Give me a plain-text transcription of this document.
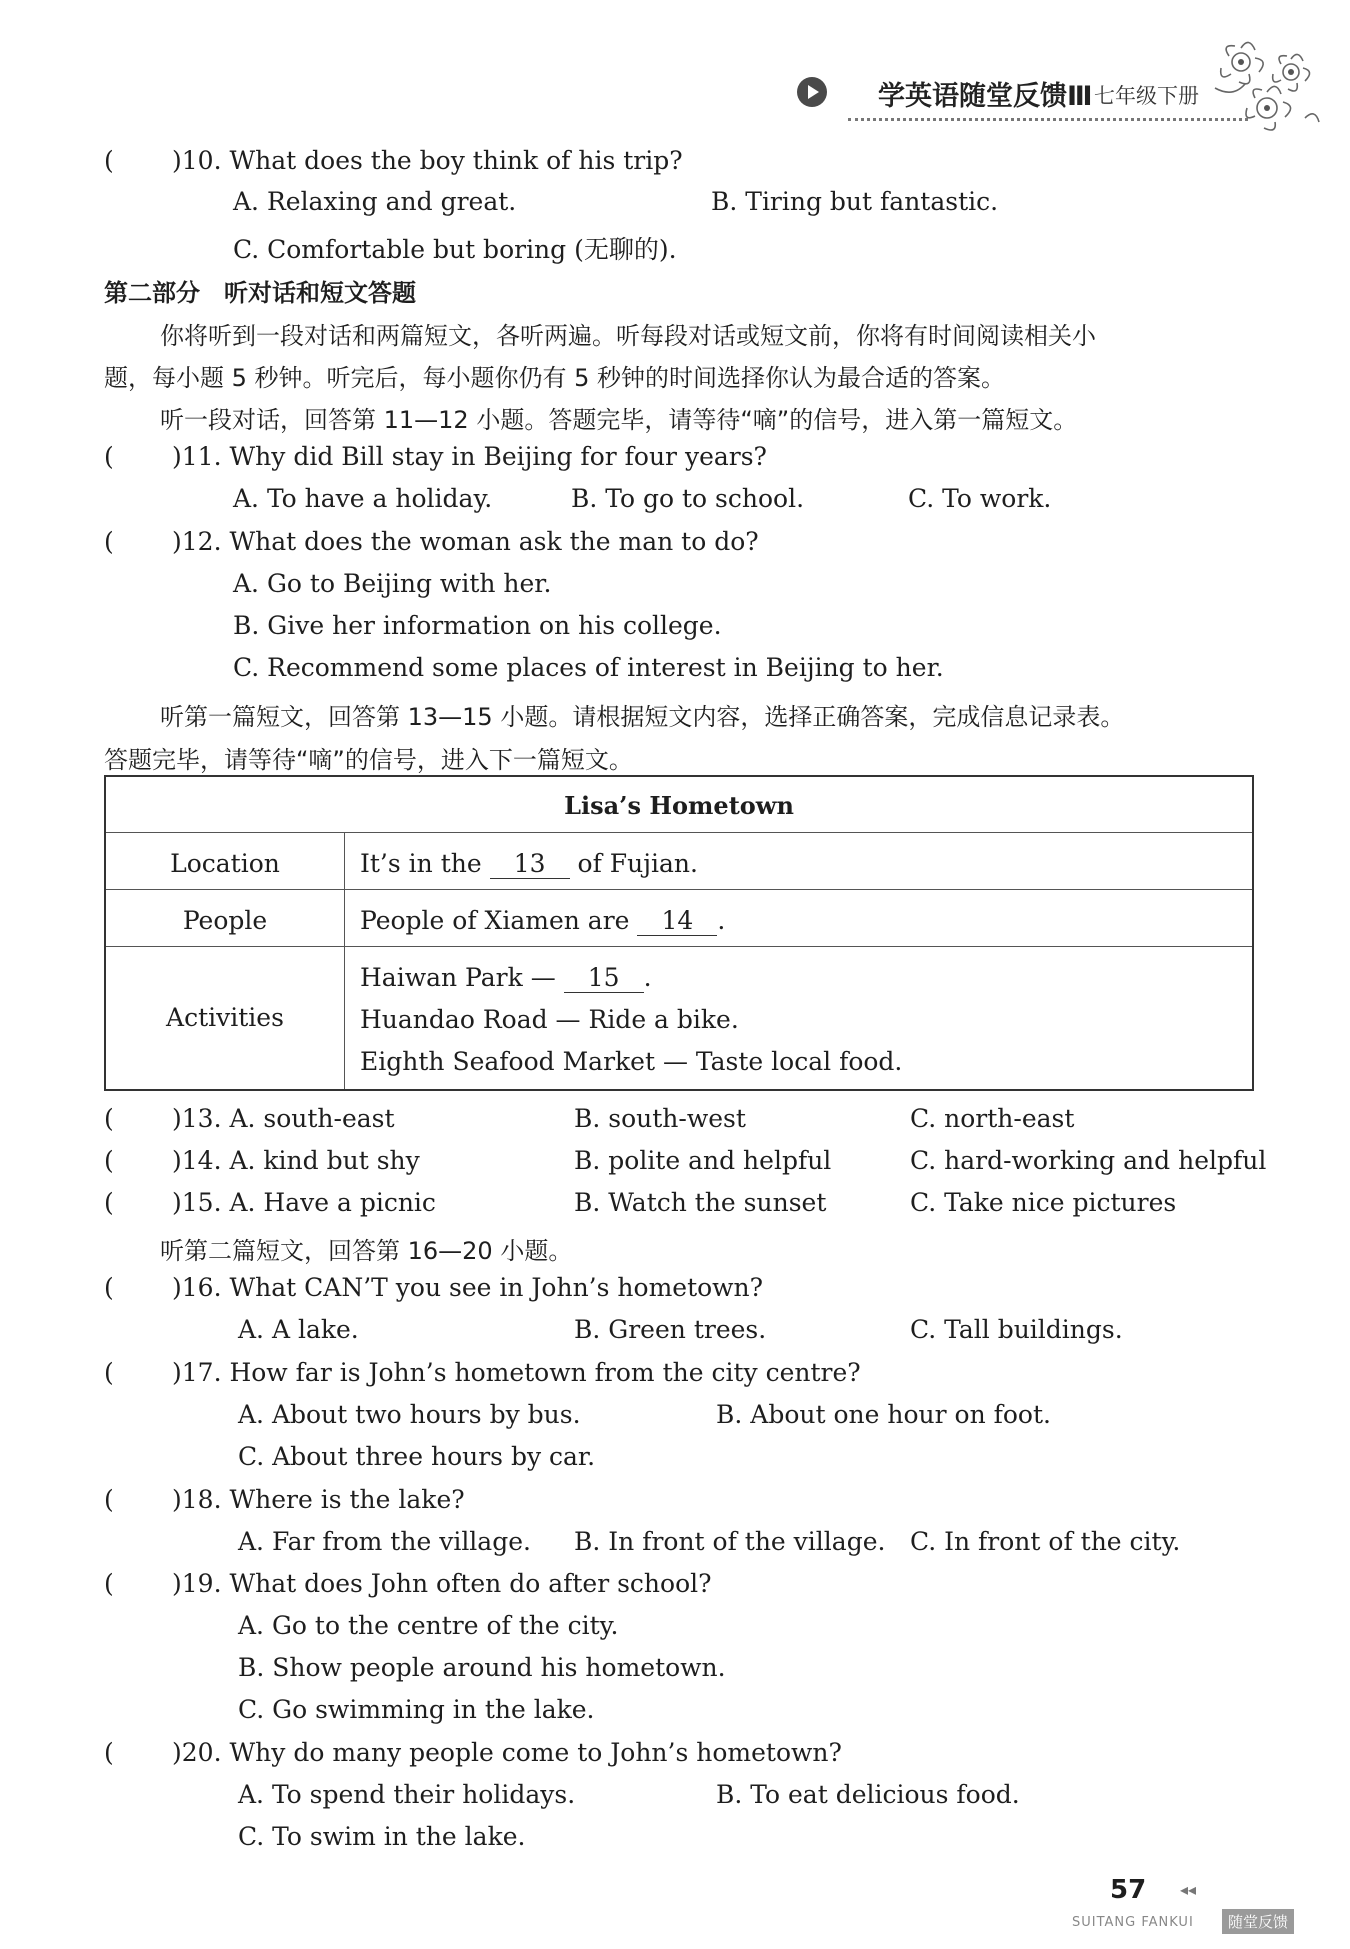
学英语随堂反馈Ⅲ 七年级下册
( )10. What does the boy think of his trip?
A. Relaxing and great.	B. Tiring but fantastic.
C. Comfortable but boring (无聊的).
第二部分　听对话和短文答题
你将听到一段对话和两篇短文，各听两遍。听每段对话或短文前，你将有时间阅读相关小
题，每小题 5 秒钟。听完后，每小题你仍有 5 秒钟的时间选择你认为最合适的答案。
听一段对话，回答第 11—12 小题。答题完毕，请等待“嘀”的信号，进入第一篇短文。
( )11. Why did Bill stay in Beijing for four years?
A. To have a holiday.	B. To go to school.	C. To work.
( )12. What does the woman ask the man to do?
A. Go to Beijing with her.
B. Give her information on his college.
C. Recommend some places of interest in Beijing to her.
听第一篇短文，回答第 13—15 小题。请根据短文内容，选择正确答案，完成信息记录表。
答题完毕，请等待“嘀”的信号，进入下一篇短文。
Lisa’s Hometown
Location	It’s in the 13 of Fujian.
People	People of Xiamen are 14 .
Activities
Haiwan Park — 15 .
Huandao Road — Ride a bike.
Eighth Seafood Market — Taste local food.
( )13. A. south-east	B. south-west	C. north-east
( )14. A. kind but shy	B. polite and helpful	C. hard-working and helpful
( )15. A. Have a picnic	B. Watch the sunset	C. Take nice pictures
听第二篇短文，回答第 16—20 小题。
( )16. What CAN’T you see in John’s hometown?
A. A lake.	B. Green trees.	C. Tall buildings.
( )17. How far is John’s hometown from the city centre?
A. About two hours by bus.	B. About one hour on foot.
C. About three hours by car.
( )18. Where is the lake?
A. Far from the village. B. In front of the village. C. In front of the city.
( )19. What does John often do after school?
A. Go to the centre of the city.
B. Show people around his hometown.
C. Go swimming in the lake.
( )20. Why do many people come to John’s hometown?
A. To spend their holidays.	B. To eat delicious food.
C. To swim in the lake.
57 ◂◂
SUITANG FANKUI	随堂反馈
